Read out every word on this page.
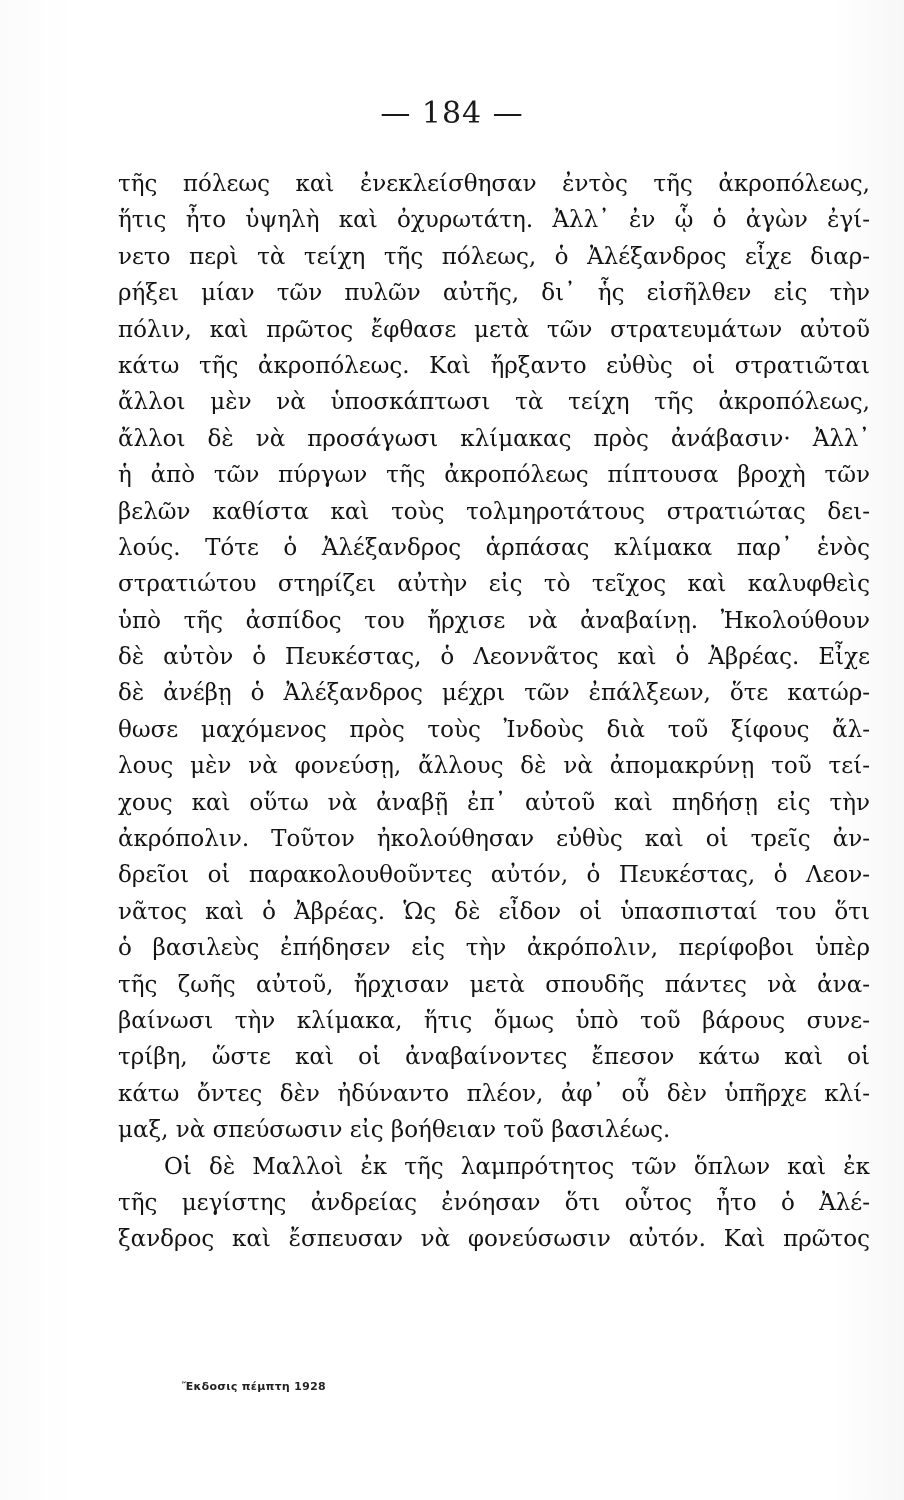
— 184 —
τῆς πόλεως καὶ ἐνεκλείσθησαν ἐντὸς τῆς ἀκροπόλεως,
ἥτις ἦτο ὑψηλὴ καὶ ὀχυρωτάτη. Ἀλλ᾽ ἐν ᾧ ὁ ἀγὼν ἐγί-
νετο περὶ τὰ τείχη τῆς πόλεως, ὁ Ἀλέξανδρος εἶχε διαρ-
ρήξει μίαν τῶν πυλῶν αὐτῆς, δι᾽ ἧς εἰσῆλθεν εἰς τὴν
πόλιν, καὶ πρῶτος ἔφθασε μετὰ τῶν στρατευμάτων αὐτοῦ
κάτω τῆς ἀκροπόλεως. Καὶ ἤρξαντο εὐθὺς οἱ στρατιῶται
ἄλλοι μὲν νὰ ὑποσκάπτωσι τὰ τείχη τῆς ἀκροπόλεως,
ἄλλοι δὲ νὰ προσάγωσι κλίμακας πρὸς ἀνάβασιν· Ἀλλ᾽
ἡ ἀπὸ τῶν πύργων τῆς ἀκροπόλεως πίπτουσα βροχὴ τῶν
βελῶν καθίστα καὶ τοὺς τολμηροτάτους στρατιώτας δει-
λούς. Τότε ὁ Ἀλέξανδρος ἁρπάσας κλίμακα παρ᾽ ἑνὸς
στρατιώτου στηρίζει αὐτὴν εἰς τὸ τεῖχος καὶ καλυφθεὶς
ὑπὸ τῆς ἀσπίδος του ἤρχισε νὰ ἀναβαίνῃ. Ἠκολούθουν
δὲ αὐτὸν ὁ Πευκέστας, ὁ Λεοννᾶτος καὶ ὁ Ἀβρέας. Εἶχε
δὲ ἀνέβῃ ὁ Ἀλέξανδρος μέχρι τῶν ἐπάλξεων, ὅτε κατώρ-
θωσε μαχόμενος πρὸς τοὺς Ἰνδοὺς διὰ τοῦ ξίφους ἄλ-
λους μὲν νὰ φονεύσῃ, ἄλλους δὲ νὰ ἀπομακρύνῃ τοῦ τεί-
χους καὶ οὕτω νὰ ἀναβῇ ἐπ᾽ αὐτοῦ καὶ πηδήσῃ εἰς τὴν
ἀκρόπολιν. Τοῦτον ἠκολούθησαν εὐθὺς καὶ οἱ τρεῖς ἀν-
δρεῖοι οἱ παρακολουθοῦντες αὐτόν, ὁ Πευκέστας, ὁ Λεον-
νᾶτος καὶ ὁ Ἀβρέας. Ὡς δὲ εἶδον οἱ ὑπασπισταί του ὅτι
ὁ βασιλεὺς ἐπήδησεν εἰς τὴν ἀκρόπολιν, περίφοβοι ὑπὲρ
τῆς ζωῆς αὐτοῦ, ἤρχισαν μετὰ σπουδῆς πάντες νὰ ἀνα-
βαίνωσι τὴν κλίμακα, ἥτις ὅμως ὑπὸ τοῦ βάρους συνε-
τρίβη, ὥστε καὶ οἱ ἀναβαίνοντες ἔπεσον κάτω καὶ οἱ
κάτω ὄντες δὲν ἠδύναντο πλέον, ἀφ᾽ οὗ δὲν ὑπῆρχε κλί-
μαξ, νὰ σπεύσωσιν εἰς βοήθειαν τοῦ βασιλέως.
Οἱ δὲ Μαλλοὶ ἐκ τῆς λαμπρότητος τῶν ὅπλων καὶ ἐκ
τῆς μεγίστης ἀνδρείας ἐνόησαν ὅτι οὗτος ἦτο ὁ Ἀλέ-
ξανδρος καὶ ἔσπευσαν νὰ φονεύσωσιν αὐτόν. Καὶ πρῶτος
Ἔκδοσις πέμπτη 1928
